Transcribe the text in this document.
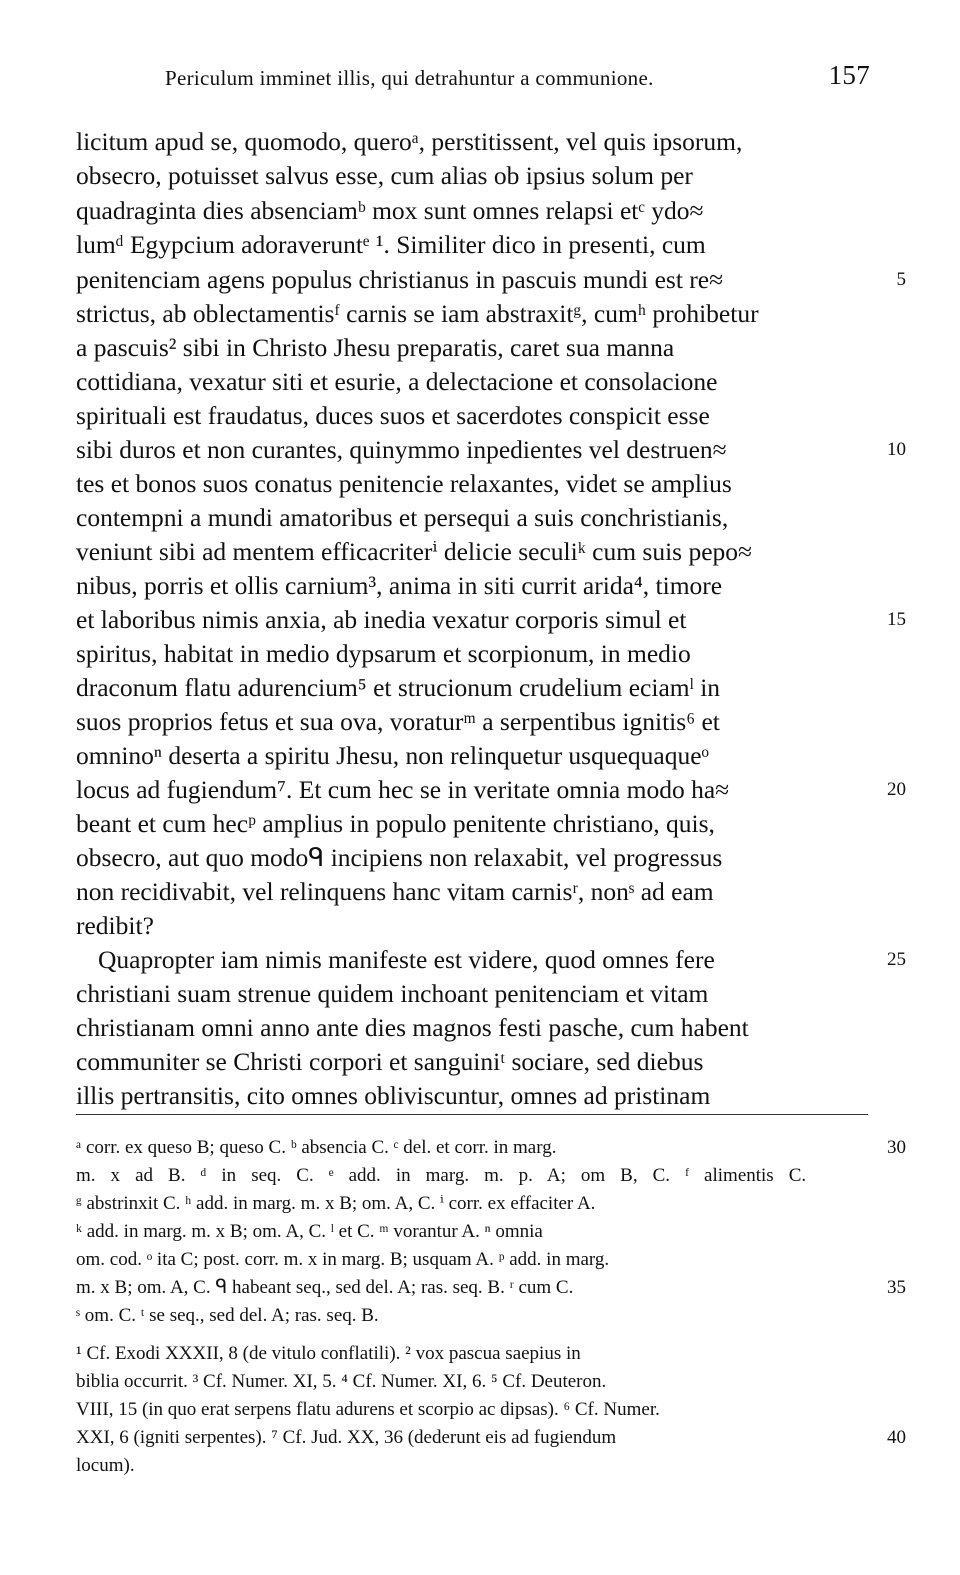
Periculum imminet illis, qui detrahuntur a communione.	157
licitum apud se, quomodo, queroᵃ, perstitissent, vel quis ipsorum,
obsecro, potuisset salvus esse, cum alias ob ipsius solum per
quadraginta dies absenciamᵇ mox sunt omnes relapsi etᶜ ydo≈
lumᵈ Egypcium adoraveruntᵉ ¹. Similiter dico in presenti, cum
penitenciam agens populus christianus in pascuis mundi est re≈
strictus, ab oblectamentisᶠ carnis se iam abstraxitᵍ, cumʰ prohibetur
a pascuis² sibi in Christo Jhesu preparatis, caret sua manna
cottidiana, vexatur siti et esurie, a delectacione et consolacione
spirituali est fraudatus, duces suos et sacerdotes conspicit esse
sibi duros et non curantes, quinymmo inpedientes vel destruen≈
tes et bonos suos conatus penitencie relaxantes, videt se amplius
contempni a mundi amatoribus et persequi a suis conchristianis,
veniunt sibi ad mentem efficacriterⁱ delicie seculiᵏ cum suis pepo≈
nibus, porris et ollis carnium³, anima in siti currit arida⁴, timore
et laboribus nimis anxia, ab inedia vexatur corporis simul et
spiritus, habitat in medio dypsarum et scorpionum, in medio
draconum flatu adurencium⁵ et strucionum crudelium eciamˡ in
suos proprios fetus et sua ova, voraturᵐ a serpentibus ignitis⁶ et
omninoⁿ deserta a spiritu Jhesu, non relinquetur usquequaqueᵒ
locus ad fugiendum⁷. Et cum hec se in veritate omnia modo ha≈
beant et cum hecᵖ amplius in populo penitente christiano, quis,
obsecro, aut quo modoᑫ incipiens non relaxabit, vel progressus
non recidivabit, vel relinquens hanc vitam carnisʳ, nonˢ ad eam
redibit?
Quapropter iam nimis manifeste est videre, quod omnes fere
christiani suam strenue quidem inchoant penitenciam et vitam
christianam omni anno ante dies magnos festi pasche, cum habent
communiter se Christi corpori et sanguiniᵗ sociare, sed diebus
illis pertransitis, cito omnes obliviscuntur, omnes ad pristinam
5
10
15
20
25
ᵃ corr. ex queso B; queso C. ᵇ absencia C. ᶜ del. et corr. in marg.
m. x ad B. ᵈ in seq. C. ᵉ add. in marg. m. p. A; om B, C. ᶠ alimentis C.
ᵍ abstrinxit C. ʰ add. in marg. m. x B; om. A, C. ⁱ corr. ex effaciter A.
ᵏ add. in marg. m. x B; om. A, C. ˡ et C. ᵐ vorantur A. ⁿ omnia
om. cod. ᵒ ita C; post. corr. m. x in marg. B; usquam A. ᵖ add. in marg.
m. x B; om. A, C. ᑫ habeant seq., sed del. A; ras. seq. B. ʳ cum C.
ˢ om. C. ᵗ se seq., sed del. A; ras. seq. B.
30
35
¹ Cf. Exodi XXXII, 8 (de vitulo conflatili). ² vox pascua saepius in
biblia occurrit. ³ Cf. Numer. XI, 5. ⁴ Cf. Numer. XI, 6. ⁵ Cf. Deuteron.
VIII, 15 (in quo erat serpens flatu adurens et scorpio ac dipsas). ⁶ Cf. Numer.
XXI, 6 (igniti serpentes). ⁷ Cf. Jud. XX, 36 (dederunt eis ad fugiendum
locum).
40
